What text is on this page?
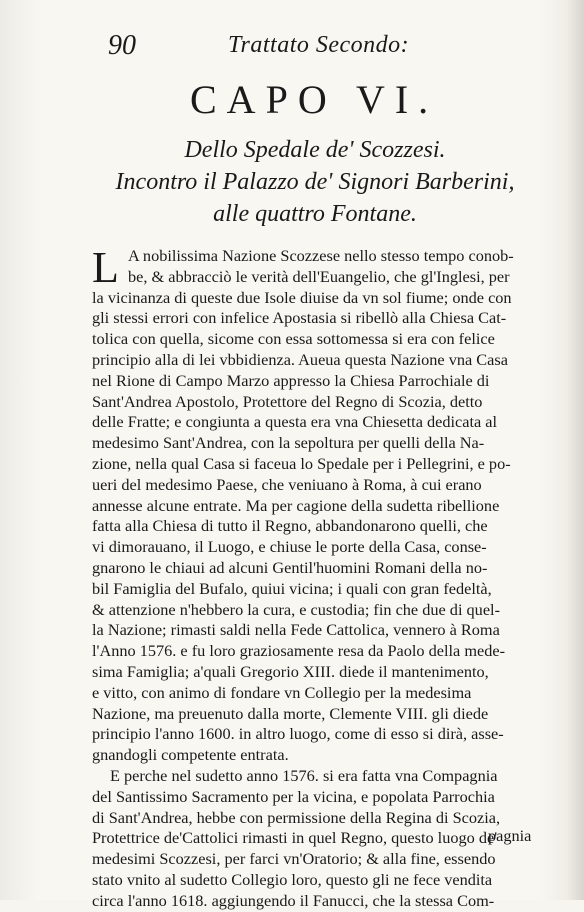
90	Trattato Secondo:
CAPO VI.
Dello Spedale de' Scozzesi.
Incontro il Palazzo de' Signori Barberini,
alle quattro Fontane.
L A nobilissima Nazione Scozzese nello stesso tempo conob-
be, & abbracciò le verità dell'Euangelio, che gl'Inglesi, per
la vicinanza di queste due Isole diuise da vn sol fiume; onde con
gli stessi errori con infelice Apostasia si ribellò alla Chiesa Cat-
tolica con quella, sicome con essa sottomessa si era con felice
principio alla di lei vbbidienza. Aueua questa Nazione vna Casa
nel Rione di Campo Marzo appresso la Chiesa Parrochiale di
Sant'Andrea Apostolo, Protettore del Regno di Scozia, detto
delle Fratte; e congiunta a questa era vna Chiesetta dedicata al
medesimo Sant'Andrea, con la sepoltura per quelli della Na-
zione, nella qual Casa si faceua lo Spedale per i Pellegrini, e po-
ueri del medesimo Paese, che veniuano à Roma, à cui erano
annesse alcune entrate. Ma per cagione della sudetta ribellione
fatta alla Chiesa di tutto il Regno, abbandonarono quelli, che
vi dimorauano, il Luogo, e chiuse le porte della Casa, conse-
gnarono le chiaui ad alcuni Gentil'huomini Romani della no-
bil Famiglia del Bufalo, quiui vicina; i quali con gran fedeltà,
& attenzione n'hebbero la cura, e custodia; fin che due di quel-
la Nazione; rimasti saldi nella Fede Cattolica, vennero à Roma
l'Anno 1576. e fu loro graziosamente resa da Paolo della mede-
sima Famiglia; a'quali Gregorio XIII. diede il mantenimento,
e vitto, con animo di fondare vn Collegio per la medesima
Nazione, ma preuenuto dalla morte, Clemente VIII. gli diede
principio l'anno 1600. in altro luogo, come di esso si dirà, asse-
gnandogli competente entrata.
E perche nel sudetto anno 1576. si era fatta vna Compagnia
del Santissimo Sacramento per la vicina, e popolata Parrochia
di Sant'Andrea, hebbe con permissione della Regina di Scozia,
Protettrice de'Cattolici rimasti in quel Regno, questo luogo de'
medesimi Scozzesi, per farci vn'Oratorio; & alla fine, essendo
stato vnito al sudetto Collegio loro, questo gli ne fece vendita
circa l'anno 1618. aggiungendo il Fanucci, che la stessa Com-
pagnia
